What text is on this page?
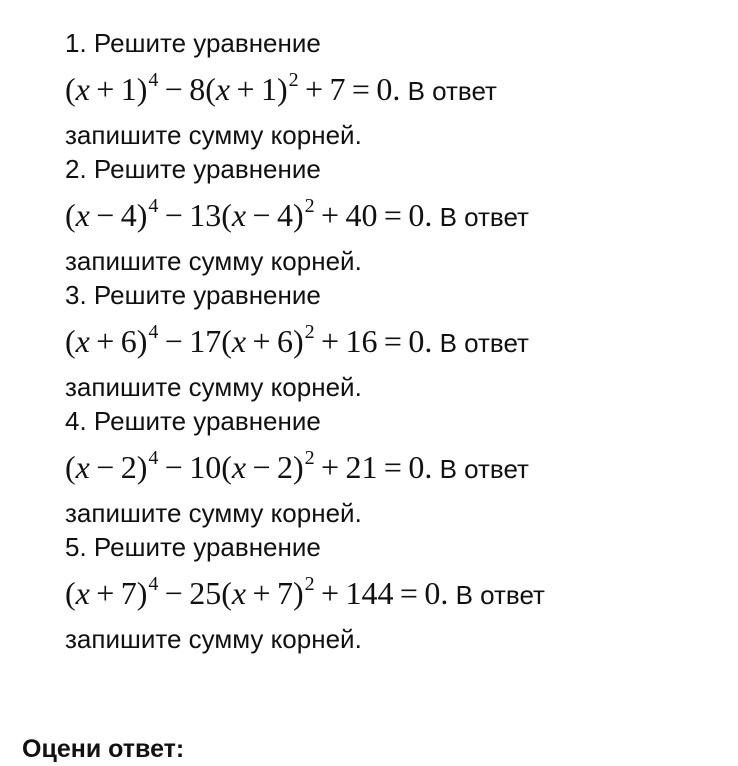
1. Решите уравнение
$(x + 1)^4 - 8(x + 1)^2 + 7 = 0$. В ответ
запишите сумму корней.
2. Решите уравнение
$(x - 4)^4 - 13(x - 4)^2 + 40 = 0$. В ответ
запишите сумму корней.
3. Решите уравнение
$(x + 6)^4 - 17(x + 6)^2 + 16 = 0$. В ответ
запишите сумму корней.
4. Решите уравнение
$(x - 2)^4 - 10(x - 2)^2 + 21 = 0$. В ответ
запишите сумму корней.
5. Решите уравнение
$(x + 7)^4 - 25(x + 7)^2 + 144 = 0$. В ответ
запишите сумму корней.
Оцени ответ:
